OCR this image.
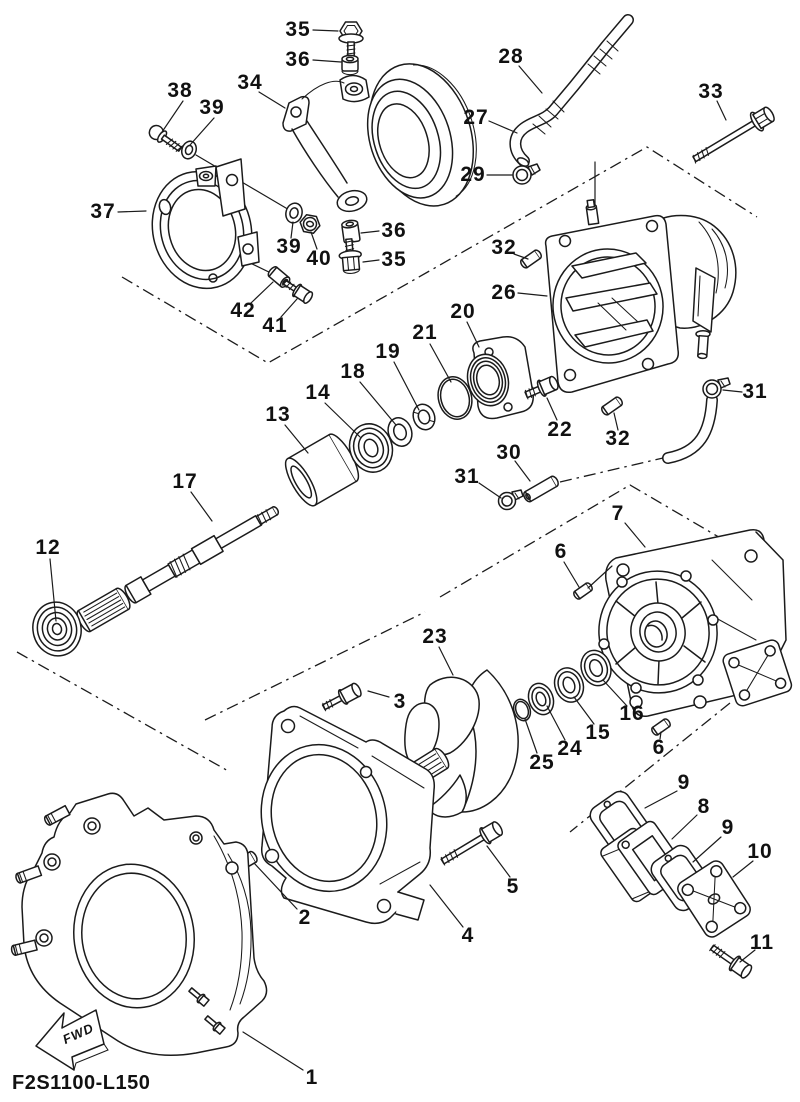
1
2
3
4
5
6
6
7
8
9
9
10
11
12
13
14
15
16
17
18
19
20
21
22
23
24
25
26
27
28
29
30
31
31
32
32
33
34
35
35
36
36
37
38
39
39
40
41
42
FWD
F2S1100-L150
